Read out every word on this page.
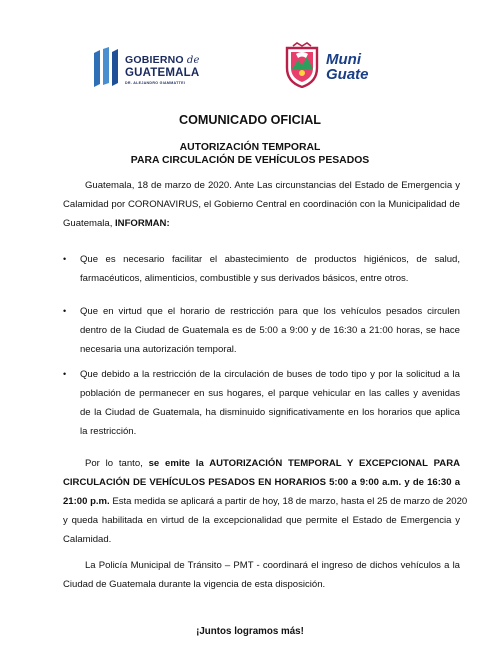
GOBIERNO de
GUATEMALA
DR. ALEJANDRO GIAMMATTEI
Muni
Guate
COMUNICADO OFICIAL
AUTORIZACIÓN TEMPORAL
PARA CIRCULACIÓN DE VEHÍCULOS PESADOS
Guatemala, 18 de marzo de 2020. Ante Las circunstancias del Estado de Emergencia y
Calamidad por CORONAVIRUS, el Gobierno Central en coordinación con la Municipalidad de
Guatemala, INFORMAN:
• Que es necesario facilitar el abastecimiento de productos higiénicos, de salud,
farmacéuticos, alimenticios, combustible y sus derivados básicos, entre otros.
• Que en virtud que el horario de restricción para que los vehículos pesados circulen
dentro de la Ciudad de Guatemala es de 5:00 a 9:00 y de 16:30 a 21:00 horas, se hace
necesaria una autorización temporal.
• Que debido a la restricción de la circulación de buses de todo tipo y por la solicitud a la
población de permanecer en sus hogares, el parque vehicular en las calles y avenidas
de la Ciudad de Guatemala, ha disminuido significativamente en los horarios que aplica
la restricción.
Por lo tanto, se emite la AUTORIZACIÓN TEMPORAL Y EXCEPCIONAL PARA
CIRCULACIÓN DE VEHÍCULOS PESADOS EN HORARIOS 5:00 a 9:00 a.m. y de 16:30 a
21:00 p.m. Esta medida se aplicará a partir de hoy, 18 de marzo, hasta el 25 de marzo de 2020
y queda habilitada en virtud de la excepcionalidad que permite el Estado de Emergencia y
Calamidad.
La Policía Municipal de Tránsito – PMT - coordinará el ingreso de dichos vehículos a la
Ciudad de Guatemala durante la vigencia de esta disposición.
¡Juntos logramos más!
